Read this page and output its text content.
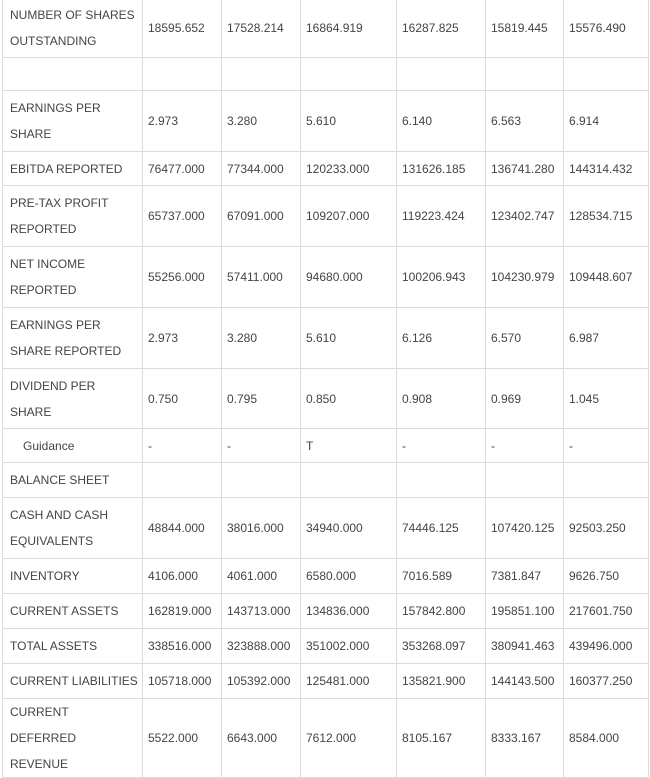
NUMBER OF SHARES OUTSTANDING	18595.652	17528.214	16864.919	16287.825	15819.445	15576.490

EARNINGS PER SHARE	2.973	3.280	5.610	6.140	6.563	6.914
EBITDA REPORTED	76477.000	77344.000	120233.000	131626.185	136741.280	144314.432
PRE-TAX PROFIT REPORTED	65737.000	67091.000	109207.000	119223.424	123402.747	128534.715
NET INCOME REPORTED	55256.000	57411.000	94680.000	100206.943	104230.979	109448.607
EARNINGS PER SHARE REPORTED	2.973	3.280	5.610	6.126	6.570	6.987
DIVIDEND PER SHARE	0.750	0.795	0.850	0.908	0.969	1.045
Guidance	-	-	T	-	-	-
BALANCE SHEET						
CASH AND CASH EQUIVALENTS	48844.000	38016.000	34940.000	74446.125	107420.125	92503.250
INVENTORY	4106.000	4061.000	6580.000	7016.589	7381.847	9626.750
CURRENT ASSETS	162819.000	143713.000	134836.000	157842.800	195851.100	217601.750
TOTAL ASSETS	338516.000	323888.000	351002.000	353268.097	380941.463	439496.000
CURRENT LIABILITIES	105718.000	105392.000	125481.000	135821.900	144143.500	160377.250
CURRENT DEFERRED REVENUE	5522.000	6643.000	7612.000	8105.167	8333.167	8584.000
